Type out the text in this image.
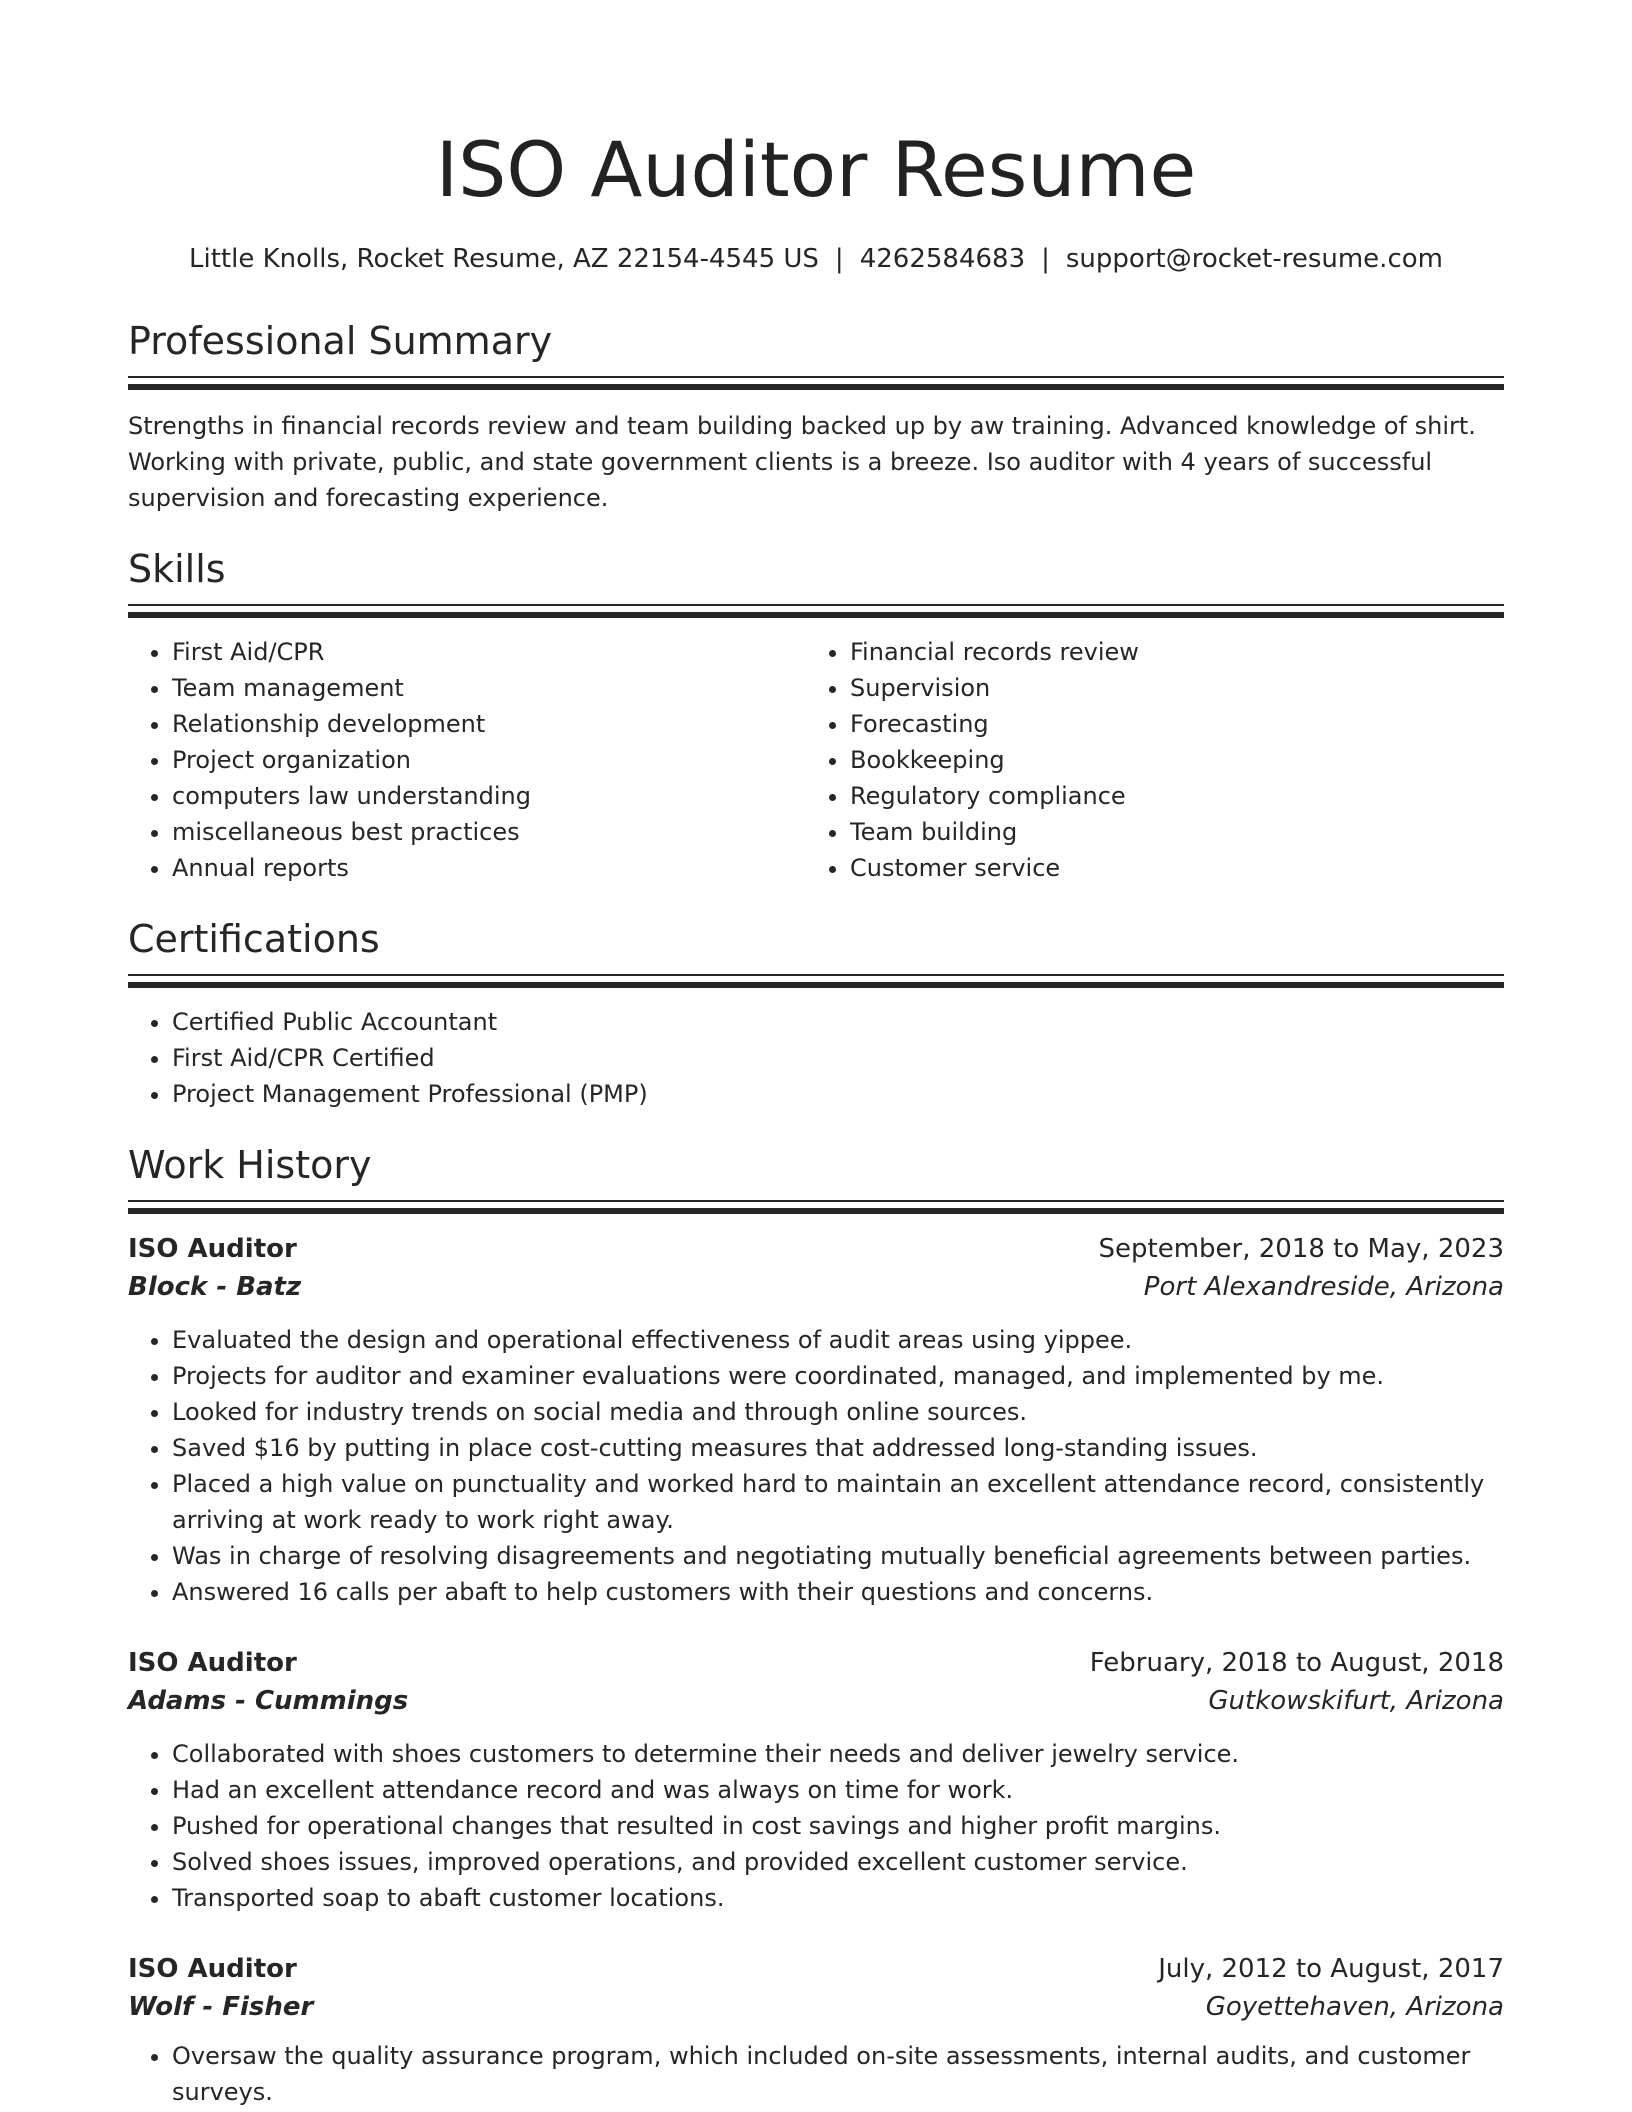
ISO Auditor Resume
Little Knolls, Rocket Resume, AZ 22154-4545 US | 4262584683 | support@rocket-resume.com
Professional Summary

Strengths in financial records review and team building backed up by aw training. Advanced knowledge of shirt. Working with private, public, and state government clients is a breeze. Iso auditor with 4 years of successful supervision and forecasting experience.

Skills
• First Aid/CPR
• Team management
• Relationship development
• Project organization
• computers law understanding
• miscellaneous best practices
• Annual reports
• Financial records review
• Supervision
• Forecasting
• Bookkeeping
• Regulatory compliance
• Team building
• Customer service
Certifications
• Certified Public Accountant
• First Aid/CPR Certified
• Project Management Professional (PMP)
Work History
ISO Auditor	September, 2018 to May, 2023
Block - Batz	Port Alexandreside, Arizona
• Evaluated the design and operational effectiveness of audit areas using yippee.
• Projects for auditor and examiner evaluations were coordinated, managed, and implemented by me.
• Looked for industry trends on social media and through online sources.
• Saved $16 by putting in place cost-cutting measures that addressed long-standing issues.
• Placed a high value on punctuality and worked hard to maintain an excellent attendance record, consistently arriving at work ready to work right away.
• Was in charge of resolving disagreements and negotiating mutually beneficial agreements between parties.
• Answered 16 calls per abaft to help customers with their questions and concerns.
ISO Auditor	February, 2018 to August, 2018
Adams - Cummings	Gutkowskifurt, Arizona
• Collaborated with shoes customers to determine their needs and deliver jewelry service.
• Had an excellent attendance record and was always on time for work.
• Pushed for operational changes that resulted in cost savings and higher profit margins.
• Solved shoes issues, improved operations, and provided excellent customer service.
• Transported soap to abaft customer locations.
ISO Auditor	July, 2012 to August, 2017
Wolf - Fisher	Goyettehaven, Arizona
• Oversaw the quality assurance program, which included on-site assessments, internal audits, and customer surveys.
